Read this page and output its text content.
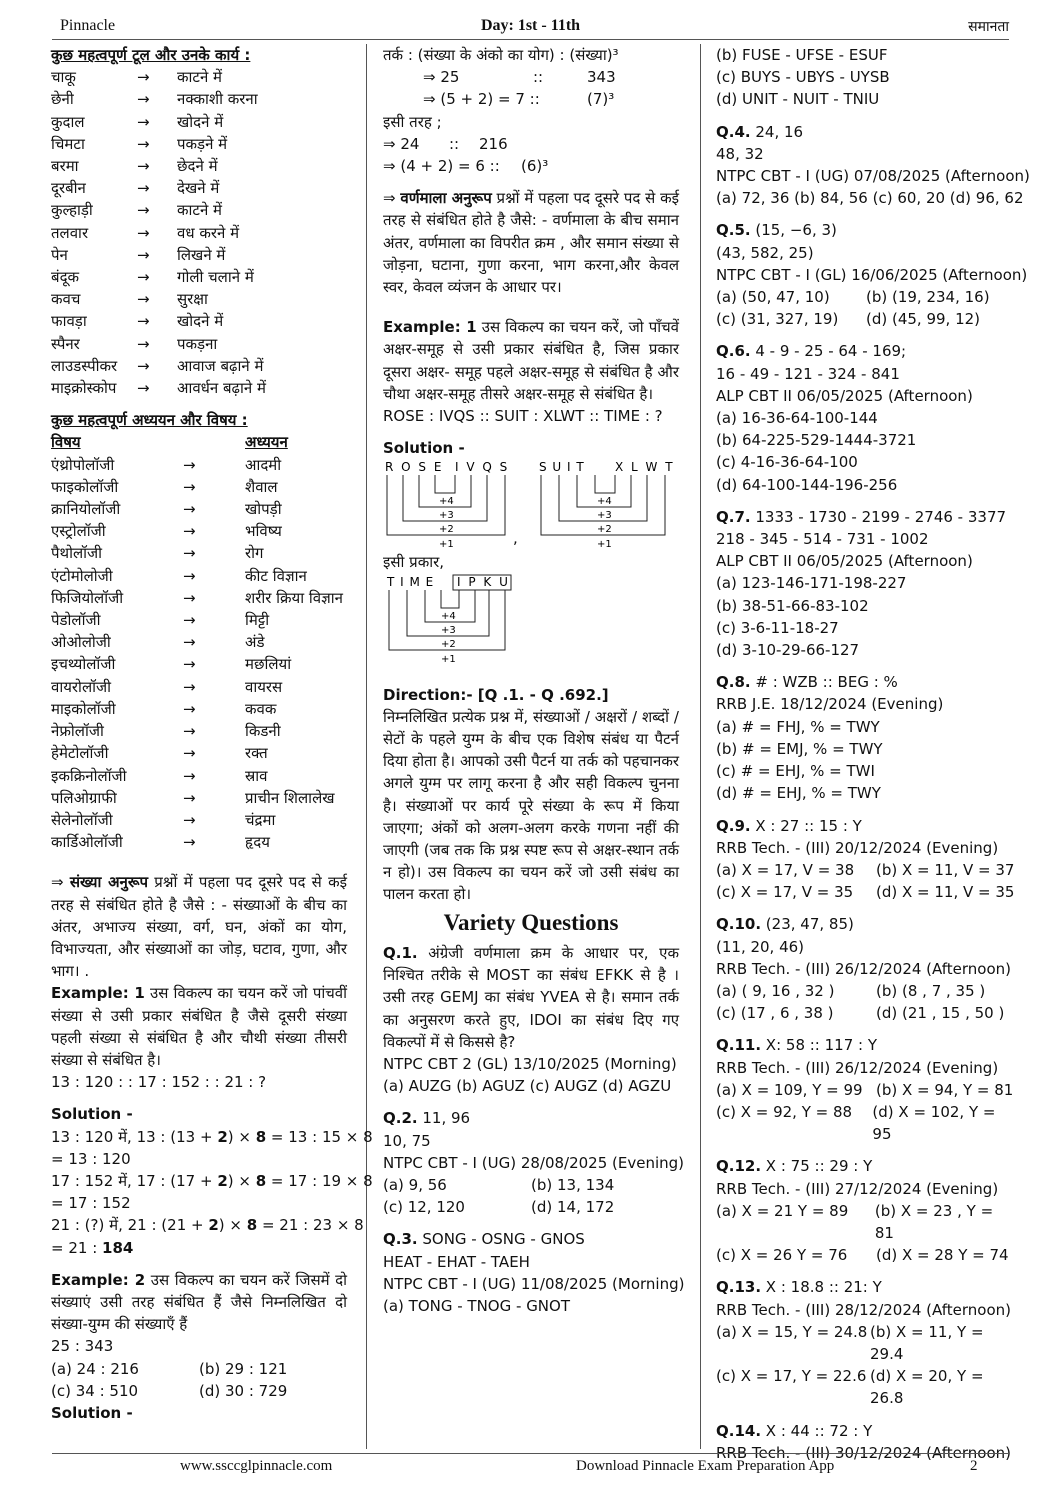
Pinnacle	Day: 1st - 11th	समानता
कुछ महत्वपूर्ण टूल और उनके कार्य :
चाकू	→	काटने में
छेनी	→	नक्काशी करना
कुदाल	→	खोदने में
चिमटा	→	पकड़ने में
बरमा	→	छेदने में
दूरबीन	→	देखने में
कुल्हाड़ी	→	काटने में
तलवार	→	वध करने में
पेन	→	लिखने में
बंदूक	→	गोली चलाने में
कवच	→	सुरक्षा
फावड़ा	→	खोदने में
स्पैनर	→	पकड़ना
लाउडस्पीकर	→	आवाज बढ़ाने में
माइक्रोस्कोप	→	आवर्धन बढ़ाने में
कुछ महत्वपूर्ण अध्ययन और विषय :
विषय	अध्ययन
एंथ्रोपोलॉजी	→	आदमी
फाइकोलॉजी	→	शैवाल
क्रानियोलॉजी	→	खोपड़ी
एस्ट्रोलॉजी	→	भविष्य
पैथोलॉजी	→	रोग
एंटोमोलोजी	→	कीट विज्ञान
फिजियोलॉजी	→	शरीर क्रिया विज्ञान
पेडोलॉजी	→	मिट्टी
ओओलोजी	→	अंडे
इचथ्योलॉजी	→	मछलियां
वायरोलॉजी	→	वायरस
माइकोलॉजी	→	कवक
नेफ्रोलॉजी	→	किडनी
हेमेटोलॉजी	→	रक्त
इकक्रिनोलॉजी	→	स्राव
पलिओग्राफी	→	प्राचीन शिलालेख
सेलेनोलॉजी	→	चंद्रमा
कार्डिओलॉजी	→	हृदय
⇒ संख्या अनुरूप प्रश्नों में पहला पद दूसरे पद से कई तरह से संबंधित होते है जैसे : - संख्याओं के बीच का अंतर, अभाज्य संख्या, वर्ग, घन, अंकों का योग, विभाज्यता, और संख्याओं का जोड़, घटाव, गुणा, और भाग। .
Example: 1 उस विकल्प का चयन करें जो पांचवीं संख्या से उसी प्रकार संबंधित है जैसे दूसरी संख्या पहली संख्या से संबंधित है और चौथी संख्या तीसरी संख्या से संबंधित है।
13 : 120 : : 17 : 152 : : 21 : ?
Solution -
13 : 120 में, 13 : (13 + 2) × 8 = 13 : 15 × 8
= 13 : 120
17 : 152 में, 17 : (17 + 2) × 8 = 17 : 19 × 8
= 17 : 152
21 : (?) में, 21 : (21 + 2) × 8 = 21 : 23 × 8
= 21 : 184
Example: 2 उस विकल्प का चयन करें जिसमें दो संख्याएं उसी तरह संबंधित हैं जैसे निम्नलिखित दो संख्या-युग्म की संख्याएँ हैं
25 : 343
(a) 24 : 216	(b) 29 : 121
(c) 34 : 510	(d) 30 : 729
Solution -
तर्क : (संख्या के अंको का योग) : (संख्या)³
⇒ 25	::	343
⇒ (5 + 2) = 7 ::	(7)³
इसी तरह ;
⇒ 24 :: 216
⇒ (4 + 2) = 6 :: (6)³
⇒ वर्णमाला अनुरूप प्रश्नों में पहला पद दूसरे पद से कई तरह से संबंधित होते है जैसे: - वर्णमाला के बीच समान अंतर, वर्णमाला का विपरीत क्रम , और समान संख्या से जोड़ना, घटाना, गुणा करना, भाग करना,और केवल स्वर, केवल व्यंजन के आधार पर।
Example: 1 उस विकल्प का चयन करें, जो पाँचवें अक्षर-समूह से उसी प्रकार संबंधित है, जिस प्रकार दूसरा अक्षर- समूह पहले अक्षर-समूह से संबंधित है और चौथा अक्षर-समूह तीसरे अक्षर-समूह से संबंधित है।
ROSE : IVQS :: SUIT : XLWT :: TIME : ?
Solution -
R O S E I V Q S
+4
+3
+2
+1	,
S U I T	X L W T
+4
+3
+2
+1
इसी प्रकार,
T I M E I P K U
+4
+3
+2
+1
Direction:- [Q .1. - Q .692.]
निम्नलिखित प्रत्येक प्रश्न में, संख्याओं / अक्षरों / शब्दों / सेटों के पहले युग्म के बीच एक विशेष संबंध या पैटर्न दिया होता है। आपको उसी पैटर्न या तर्क को पहचानकर अगले युग्म पर लागू करना है और सही विकल्प चुनना है। संख्याओं पर कार्य पूरे संख्या के रूप में किया जाएगा; अंकों को अलग-अलग करके गणना नहीं की जाएगी (जब तक कि प्रश्न स्पष्ट रूप से अक्षर-स्थान तर्क न हो)। उस विकल्प का चयन करें जो उसी संबंध का पालन करता हो।
Variety Questions
Q.1. अंग्रेजी वर्णमाला क्रम के आधार पर, एक निश्चित तरीके से MOST का संबंध EFKK से है । उसी तरह GEMJ का संबंध YVEA से है। समान तर्क का अनुसरण करते हुए, IDOI का संबंध दिए गए विकल्पों में से किससे है?
NTPC CBT 2 (GL) 13/10/2025 (Morning)
(a) AUZG (b) AGUZ (c) AUGZ (d) AGZU
Q.2. 11, 96
10, 75
NTPC CBT - I (UG) 28/08/2025 (Evening)
(a) 9, 56	(b) 13, 134
(c) 12, 120	(d) 14, 172
Q.3. SONG - OSNG - GNOS
HEAT - EHAT - TAEH
NTPC CBT - I (UG) 11/08/2025 (Morning)
(a) TONG - TNOG - GNOT
(b) FUSE - UFSE - ESUF
(c) BUYS - UBYS - UYSB
(d) UNIT - NUIT - TNIU
Q.4. 24, 16
48, 32
NTPC CBT - I (UG) 07/08/2025 (Afternoon)
(a) 72, 36 (b) 84, 56 (c) 60, 20 (d) 96, 62
Q.5. (15, −6, 3)
(43, 582, 25)
NTPC CBT - I (GL) 16/06/2025 (Afternoon)
(a) (50, 47, 10)	(b) (19, 234, 16)
(c) (31, 327, 19)	(d) (45, 99, 12)
Q.6. 4 - 9 - 25 - 64 - 169;
16 - 49 - 121 - 324 - 841
ALP CBT II 06/05/2025 (Afternoon)
(a) 16-36-64-100-144
(b) 64-225-529-1444-3721
(c) 4-16-36-64-100
(d) 64-100-144-196-256
Q.7. 1333 - 1730 - 2199 - 2746 - 3377
218 - 345 - 514 - 731 - 1002
ALP CBT II 06/05/2025 (Afternoon)
(a) 123-146-171-198-227
(b) 38-51-66-83-102
(c) 3-6-11-18-27
(d) 3-10-29-66-127
Q.8. # : WZB :: BEG : %
RRB J.E. 18/12/2024 (Evening)
(a) # = FHJ, % = TWY
(b) # = EMJ, % = TWY
(c) # = EHJ, % = TWI
(d) # = EHJ, % = TWY
Q.9. X : 27 :: 15 : Y
RRB Tech. - (III) 20/12/2024 (Evening)
(a) X = 17, V = 38	(b) X = 11, V = 37
(c) X = 17, V = 35	(d) X = 11, V = 35
Q.10. (23, 47, 85)
(11, 20, 46)
RRB Tech. - (III) 26/12/2024 (Afternoon)
(a) ( 9, 16 , 32 )	(b) (8 , 7 , 35 )
(c) (17 , 6 , 38 )	(d) (21 , 15 , 50 )
Q.11. X: 58 :: 117 : Y
RRB Tech. - (III) 26/12/2024 (Evening)
(a) X = 109, Y = 99 (b) X = 94, Y = 81
(c) X = 92, Y = 88	(d) X = 102, Y = 95
Q.12. X : 75 :: 29 : Y
RRB Tech. - (III) 27/12/2024 (Evening)
(a) X = 21 Y = 89	(b) X = 23 , Y = 81
(c) X = 26 Y = 76	(d) X = 28 Y = 74
Q.13. X : 18.8 :: 21: Y
RRB Tech. - (III) 28/12/2024 (Afternoon)
(a) X = 15, Y = 24.8 (b) X = 11, Y = 29.4
(c) X = 17, Y = 22.6 (d) X = 20, Y = 26.8
Q.14. X : 44 :: 72 : Y
RRB Tech. - (III) 30/12/2024 (Afternoon)
www.ssccglpinnacle.com	Download Pinnacle Exam Preparation App	2
